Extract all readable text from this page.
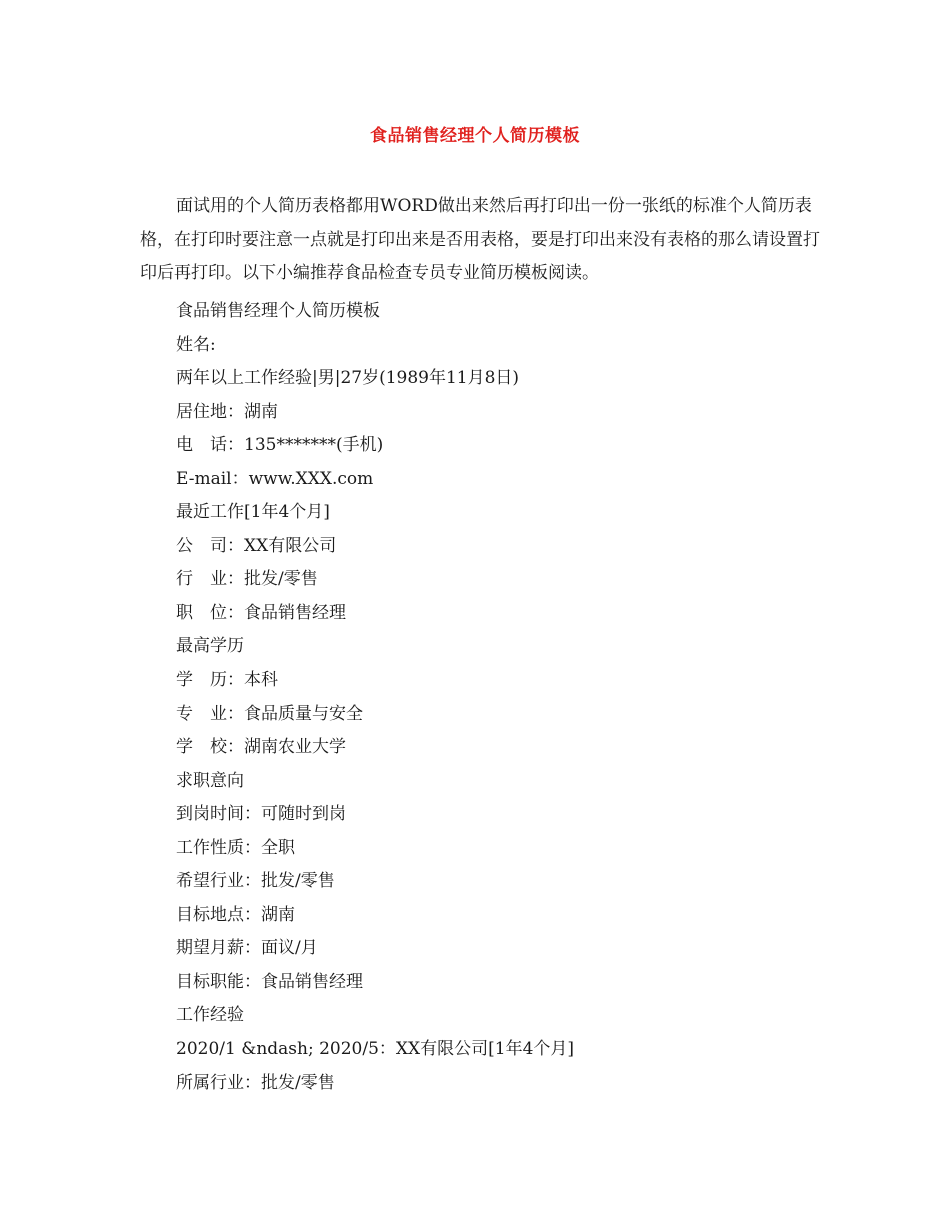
食品销售经理个人简历模板
面试用的个人简历表格都用WORD做出来然后再打印出一份一张纸的标准个人简历表格，在打印时要注意一点就是打印出来是否用表格，要是打印出来没有表格的那么请设置打印后再打印。以下小编推荐食品检查专员专业简历模板阅读。
食品销售经理个人简历模板
姓名:
两年以上工作经验|男|27岁(1989年11月8日)
居住地：湖南
电　话：135*******(手机)
E-mail：www.XXX.com
最近工作[1年4个月]
公　司：XX有限公司
行　业：批发/零售
职　位：食品销售经理
最高学历
学　历：本科
专　业：食品质量与安全
学　校：湖南农业大学
求职意向
到岗时间：可随时到岗
工作性质：全职
希望行业：批发/零售
目标地点：湖南
期望月薪：面议/月
目标职能：食品销售经理
工作经验
2020/1 &ndash; 2020/5：XX有限公司[1年4个月]
所属行业：批发/零售
